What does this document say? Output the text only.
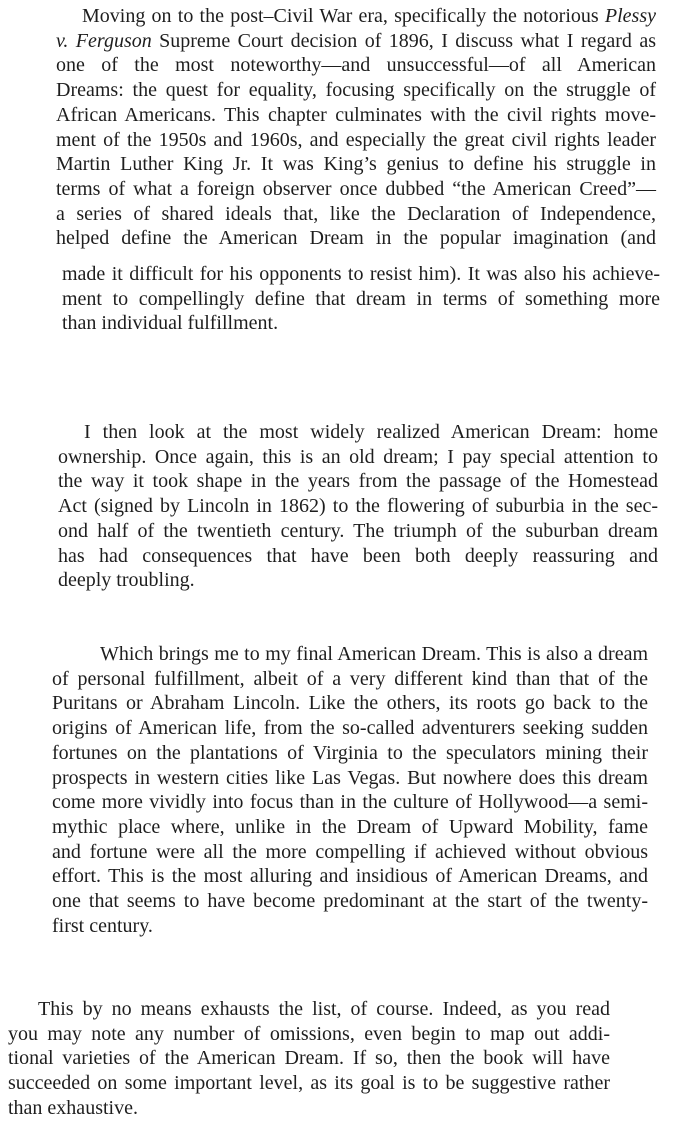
Moving on to the post–Civil War era, specifically the notorious Plessy
v. Ferguson Supreme Court decision of 1896, I discuss what I regard as
one of the most noteworthy—and unsuccessful—of all American
Dreams: the quest for equality, focusing specifically on the struggle of
African Americans. This chapter culminates with the civil rights move-
ment of the 1950s and 1960s, and especially the great civil rights leader
Martin Luther King Jr. It was King’s genius to define his struggle in
terms of what a foreign observer once dubbed “the American Creed”—
a series of shared ideals that, like the Declaration of Independence,
helped define the American Dream in the popular imagination (and
made it difficult for his opponents to resist him). It was also his achieve-
ment to compellingly define that dream in terms of something more
than individual fulfillment.
I then look at the most widely realized American Dream: home
ownership. Once again, this is an old dream; I pay special attention to
the way it took shape in the years from the passage of the Homestead
Act (signed by Lincoln in 1862) to the flowering of suburbia in the sec-
ond half of the twentieth century. The triumph of the suburban dream
has had consequences that have been both deeply reassuring and
deeply troubling.
Which brings me to my final American Dream. This is also a dream
of personal fulfillment, albeit of a very different kind than that of the
Puritans or Abraham Lincoln. Like the others, its roots go back to the
origins of American life, from the so-called adventurers seeking sudden
fortunes on the plantations of Virginia to the speculators mining their
prospects in western cities like Las Vegas. But nowhere does this dream
come more vividly into focus than in the culture of Hollywood—a semi-
mythic place where, unlike in the Dream of Upward Mobility, fame
and fortune were all the more compelling if achieved without obvious
effort. This is the most alluring and insidious of American Dreams, and
one that seems to have become predominant at the start of the twenty-
first century.
This by no means exhausts the list, of course. Indeed, as you read
you may note any number of omissions, even begin to map out addi-
tional varieties of the American Dream. If so, then the book will have
succeeded on some important level, as its goal is to be suggestive rather
than exhaustive.
